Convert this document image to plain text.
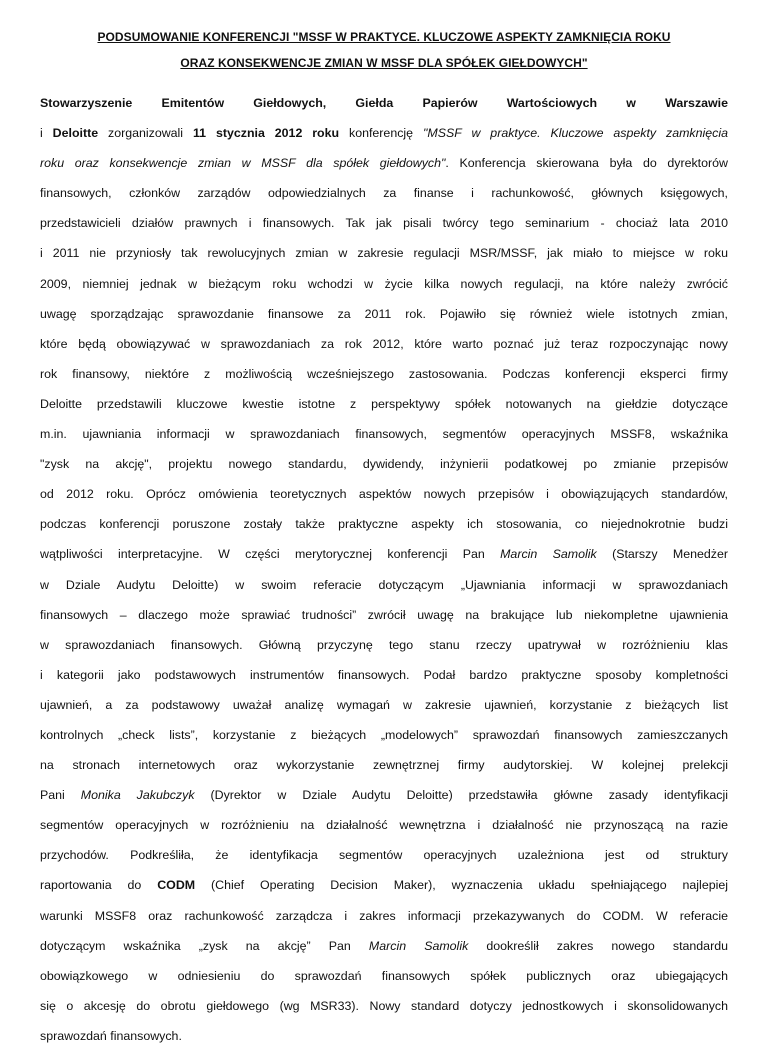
PODSUMOWANIE KONFERENCJI "MSSF W PRAKTYCE. KLUCZOWE ASPEKTY ZAMKNIĘCIA ROKU
ORAZ KONSEKWENCJE ZMIAN W MSSF DLA SPÓŁEK GIEŁDOWYCH"
Stowarzyszenie Emitentów Giełdowych, Giełda Papierów Wartościowych w Warszawie
i Deloitte zorganizowali 11 stycznia 2012 roku konferencję "MSSF w praktyce. Kluczowe aspekty zamknięcia
roku oraz konsekwencje zmian w MSSF dla spółek giełdowych". Konferencja skierowana była do dyrektorów
finansowych, członków zarządów odpowiedzialnych za finanse i rachunkowość, głównych księgowych,
przedstawicieli działów prawnych i finansowych. Tak jak pisali twórcy tego seminarium - chociaż lata 2010
i 2011 nie przyniosły tak rewolucyjnych zmian w zakresie regulacji MSR/MSSF, jak miało to miejsce w roku
2009, niemniej jednak w bieżącym roku wchodzi w życie kilka nowych regulacji, na które należy zwrócić
uwagę sporządzając sprawozdanie finansowe za 2011 rok. Pojawiło się również wiele istotnych zmian,
które będą obowiązywać w sprawozdaniach za rok 2012, które warto poznać już teraz rozpoczynając nowy
rok finansowy, niektóre z możliwością wcześniejszego zastosowania. Podczas konferencji eksperci firmy
Deloitte przedstawili kluczowe kwestie istotne z perspektywy spółek notowanych na giełdzie dotyczące
m.in. ujawniania informacji w sprawozdaniach finansowych, segmentów operacyjnych MSSF8, wskaźnika
"zysk na akcję", projektu nowego standardu, dywidendy, inżynierii podatkowej po zmianie przepisów
od 2012 roku. Oprócz omówienia teoretycznych aspektów nowych przepisów i obowiązujących standardów,
podczas konferencji poruszone zostały także praktyczne aspekty ich stosowania, co niejednokrotnie budzi
wątpliwości interpretacyjne. W części merytorycznej konferencji Pan Marcin Samolik (Starszy Menedżer
w Dziale Audytu Deloitte) w swoim referacie dotyczącym „Ujawniania informacji w sprawozdaniach
finansowych – dlaczego może sprawiać trudności” zwrócił uwagę na brakujące lub niekompletne ujawnienia
w sprawozdaniach finansowych. Główną przyczynę tego stanu rzeczy upatrywał w rozróżnieniu klas
i kategorii jako podstawowych instrumentów finansowych. Podał bardzo praktyczne sposoby kompletności
ujawnień, a za podstawowy uważał analizę wymagań w zakresie ujawnień, korzystanie z bieżących list
kontrolnych „check lists”, korzystanie z bieżących „modelowych” sprawozdań finansowych zamieszczanych
na stronach internetowych oraz wykorzystanie zewnętrznej firmy audytorskiej. W kolejnej prelekcji
Pani Monika Jakubczyk (Dyrektor w Dziale Audytu Deloitte) przedstawiła główne zasady identyfikacji
segmentów operacyjnych w rozróżnieniu na działalność wewnętrzna i działalność nie przynoszącą na razie
przychodów. Podkreśliła, że identyfikacja segmentów operacyjnych uzależniona jest od struktury
raportowania do CODM (Chief Operating Decision Maker), wyznaczenia układu spełniającego najlepiej
warunki MSSF8 oraz rachunkowość zarządcza i zakres informacji przekazywanych do CODM. W referacie
dotyczącym wskaźnika „zysk na akcję” Pan Marcin Samolik dookreślił zakres nowego standardu
obowiązkowego w odniesieniu do sprawozdań finansowych spółek publicznych oraz ubiegających
się o akcesję do obrotu giełdowego (wg MSR33). Nowy standard dotyczy jednostkowych i skonsolidowanych
sprawozdań finansowych.
